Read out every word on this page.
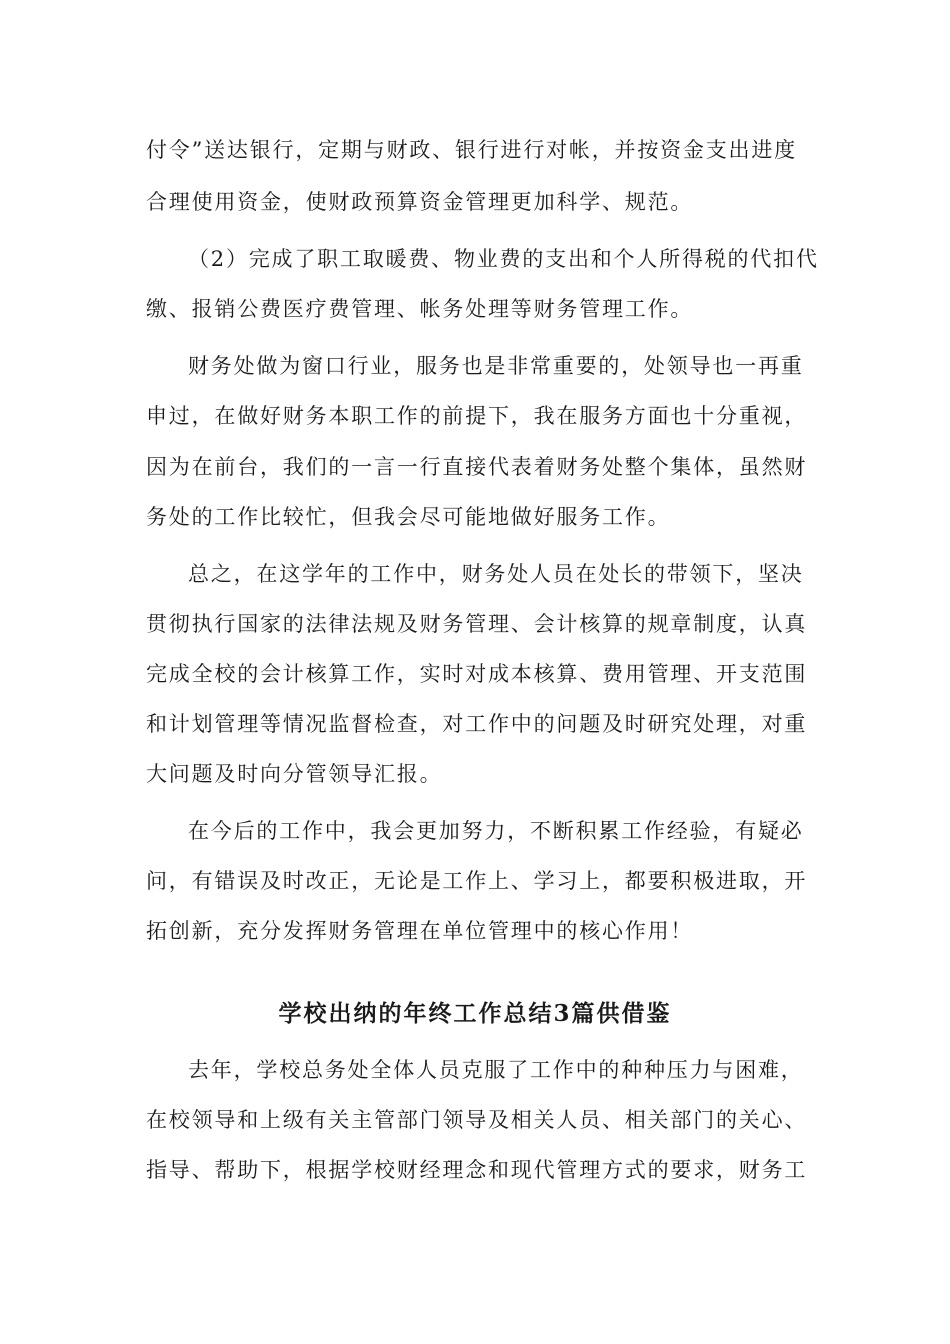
付令”送达银行，定期与财政、银行进行对帐，并按资金支出进度
合理使用资金，使财政预算资金管理更加科学、规范。
（2）完成了职工取暖费、物业费的支出和个人所得税的代扣代
缴、报销公费医疗费管理、帐务处理等财务管理工作。
财务处做为窗口行业，服务也是非常重要的，处领导也一再重
申过，在做好财务本职工作的前提下，我在服务方面也十分重视，
因为在前台，我们的一言一行直接代表着财务处整个集体，虽然财
务处的工作比较忙，但我会尽可能地做好服务工作。
总之，在这学年的工作中，财务处人员在处长的带领下，坚决
贯彻执行国家的法律法规及财务管理、会计核算的规章制度，认真
完成全校的会计核算工作，实时对成本核算、费用管理、开支范围
和计划管理等情况监督检查，对工作中的问题及时研究处理，对重
大问题及时向分管领导汇报。
在今后的工作中，我会更加努力，不断积累工作经验，有疑必
问，有错误及时改正，无论是工作上、学习上，都要积极进取，开
拓创新，充分发挥财务管理在单位管理中的核心作用！
学校出纳的年终工作总结3篇供借鉴
去年，学校总务处全体人员克服了工作中的种种压力与困难，
在校领导和上级有关主管部门领导及相关人员、相关部门的关心、
指导、帮助下，根据学校财经理念和现代管理方式的要求，财务工
